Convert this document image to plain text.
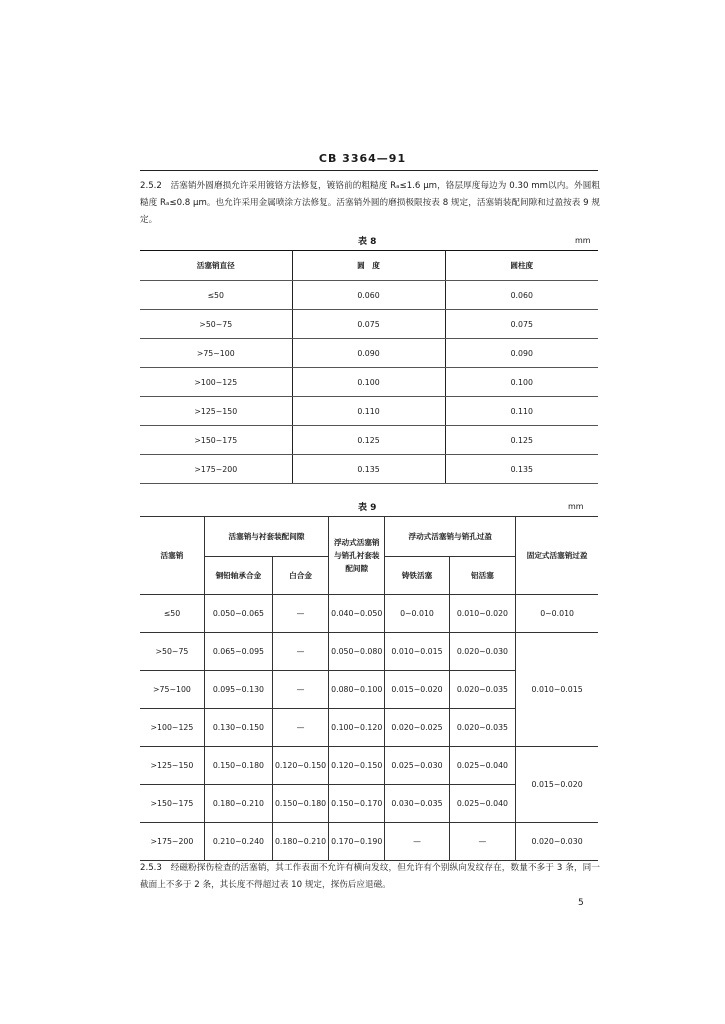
CB 3364—91
2.5.2　活塞销外圆磨损允许采用镀铬方法修复，镀铬前的粗糙度 Rₐ≤1.6 μm，铬层厚度每边为 0.30 mm以内。外圆粗糙度 Rₐ≤0.8 μm。也允许采用金属喷涂方法修复。活塞销外圆的磨损极限按表 8 规定，活塞销装配间隙和过盈按表 9 规定。
表 8	mm
活塞销直径	圆　度	圆柱度
≤50	0.060	0.060
>50~75	0.075	0.075
>75~100	0.090	0.090
>100~125	0.100	0.100
>125~150	0.110	0.110
>150~175	0.125	0.125
>175~200	0.135	0.135
表 9	mm
活塞销	活塞销与衬套装配间隙		浮动式活塞销与销孔衬套装配间隙	浮动式活塞销与销孔过盈		固定式活塞销过盈
	铜铅轴承合金	白合金		铸铁活塞	铝活塞	
≤50	0.050~0.065	—	0.040~0.050	0~0.010	0.010~0.020	0~0.010
>50~75	0.065~0.095	—	0.050~0.080	0.010~0.015	0.020~0.030	0.010~0.015
>75~100	0.095~0.130	—	0.080~0.100	0.015~0.020	0.020~0.035	
>100~125	0.130~0.150	—	0.100~0.120	0.020~0.025	0.020~0.035	
>125~150	0.150~0.180	0.120~0.150	0.120~0.150	0.025~0.030	0.025~0.040	0.015~0.020
>150~175	0.180~0.210	0.150~0.180	0.150~0.170	0.030~0.035	0.025~0.040	
>175~200	0.210~0.240	0.180~0.210	0.170~0.190	—	—	0.020~0.030
2.5.3　经磁粉探伤检查的活塞销，其工作表面不允许有横向发纹，但允许有个别纵向发纹存在，数量不多于 3 条，同一截面上不多于 2 条，其长度不得超过表 10 规定，探伤后应退磁。
5
